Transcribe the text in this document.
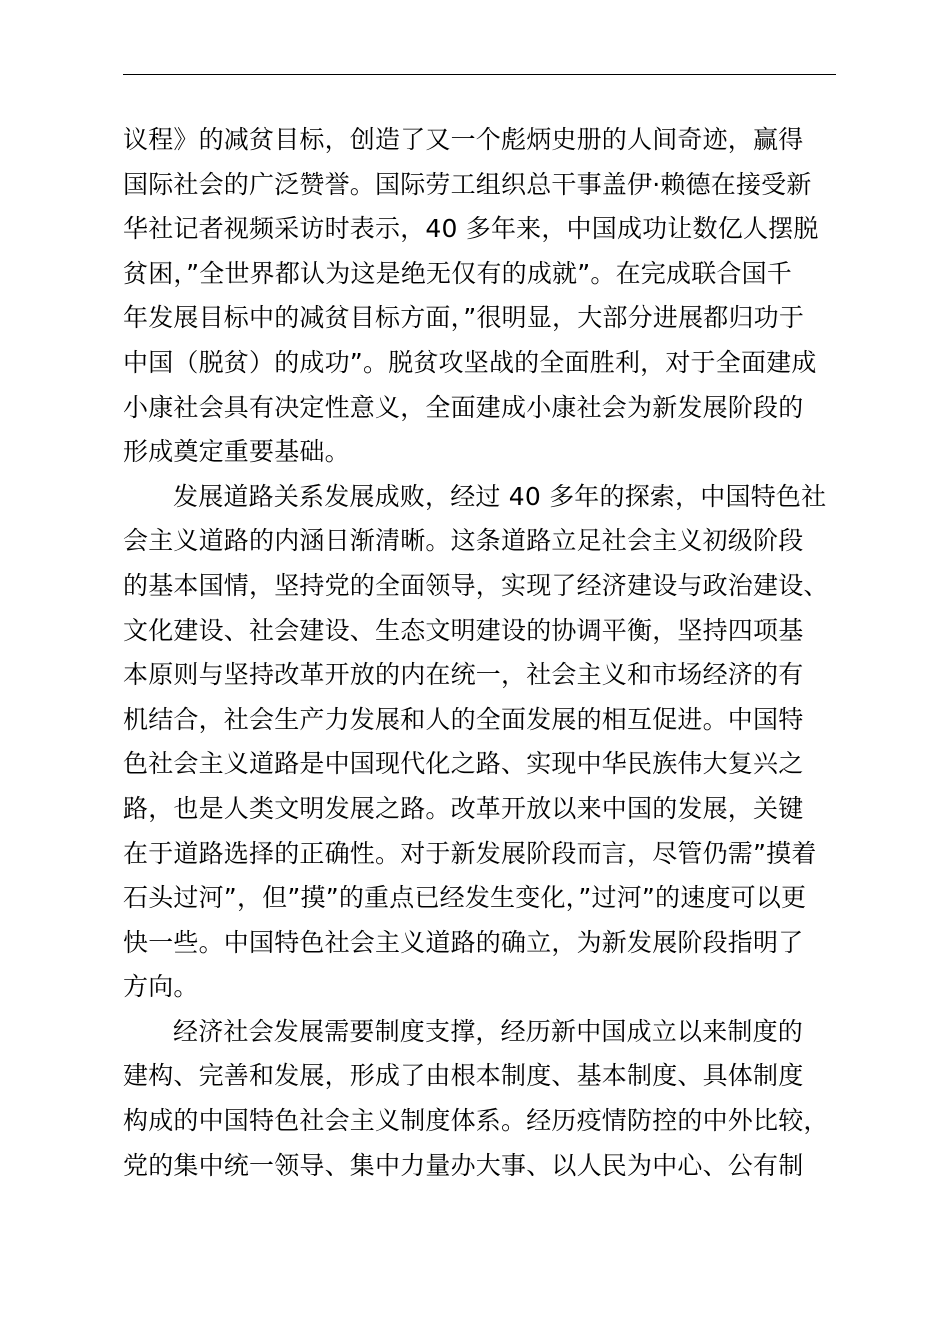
议程》的减贫目标，创造了又一个彪炳史册的人间奇迹，赢得
国际社会的广泛赞誉。国际劳工组织总干事盖伊·赖德在接受新
华社记者视频采访时表示，40 多年来，中国成功让数亿人摆脱
贫困，”全世界都认为这是绝无仅有的成就”。在完成联合国千
年发展目标中的减贫目标方面，”很明显，大部分进展都归功于
中国（脱贫）的成功”。脱贫攻坚战的全面胜利，对于全面建成
小康社会具有决定性意义，全面建成小康社会为新发展阶段的
形成奠定重要基础。
发展道路关系发展成败，经过 40 多年的探索，中国特色社
会主义道路的内涵日渐清晰。这条道路立足社会主义初级阶段
的基本国情，坚持党的全面领导，实现了经济建设与政治建设、
文化建设、社会建设、生态文明建设的协调平衡，坚持四项基
本原则与坚持改革开放的内在统一，社会主义和市场经济的有
机结合，社会生产力发展和人的全面发展的相互促进。中国特
色社会主义道路是中国现代化之路、实现中华民族伟大复兴之
路，也是人类文明发展之路。改革开放以来中国的发展，关键
在于道路选择的正确性。对于新发展阶段而言，尽管仍需”摸着
石头过河”，但”摸”的重点已经发生变化，”过河”的速度可以更
快一些。中国特色社会主义道路的确立，为新发展阶段指明了
方向。
经济社会发展需要制度支撑，经历新中国成立以来制度的
建构、完善和发展，形成了由根本制度、基本制度、具体制度
构成的中国特色社会主义制度体系。经历疫情防控的中外比较，
党的集中统一领导、集中力量办大事、以人民为中心、公有制
